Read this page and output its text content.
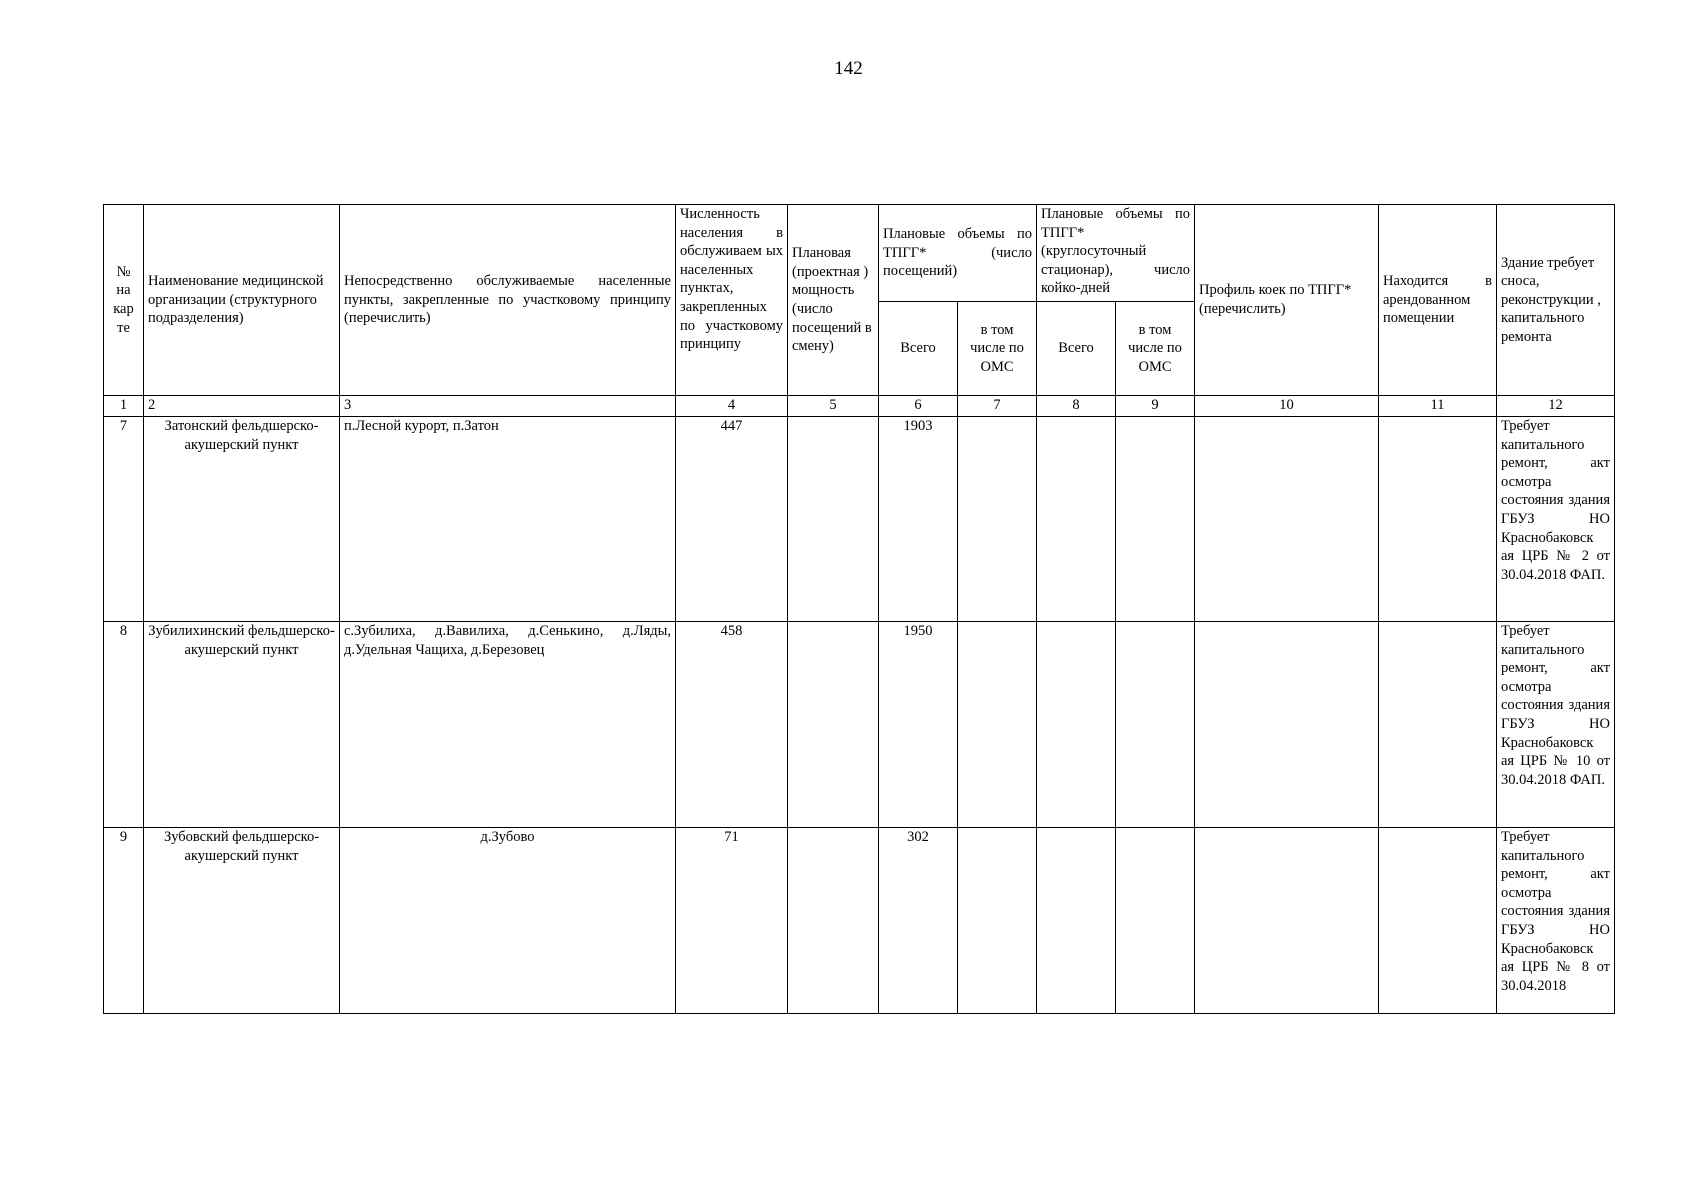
142
№ на кар те	Наименование медицинской организации (структурного подразделения)	Непосредственно обслуживаемые населенные пункты, закрепленные по участковому принципу (перечислить)	Численность населения в обслуживаем ых населенных пунктах, закрепленных по участковому принципу	Плановая (проектная ) мощность (число посещений в смену)	Плановые объемы по ТПГГ* (число посещений)		Плановые объемы по ТПГГ* (круглосуточный стационар), число койко-дней		Профиль коек по ТПГГ* (перечислить)	Находится в арендованном помещении	Здание требует сноса, реконструкции , капитального ремонта
					Всего	в том числе по ОМС	Всего	в том числе по ОМС			
1	2	3	4	5	6	7	8	9	10	11	12
7	Затонский фельдшерско-акушерский пункт	п.Лесной курорт, п.Затон	447		1903						Требует капитального ремонт, акт осмотра состояния здания ГБУЗ НО Краснобаковск ая ЦРБ № 2 от 30.04.2018 ФАП.
8	Зубилихинский фельдшерско-акушерский пункт	с.Зубилиха, д.Вавилиха, д.Сенькино, д.Ляды, д.Удельная Чащиха, д.Березовец	458		1950						Требует капитального ремонт, акт осмотра состояния здания ГБУЗ НО Краснобаковск ая ЦРБ № 10 от 30.04.2018 ФАП.
9	Зубовский фельдшерско-акушерский пункт	д.Зубово	71		302						Требует капитального ремонт, акт осмотра состояния здания ГБУЗ НО Краснобаковск ая ЦРБ № 8 от 30.04.2018
